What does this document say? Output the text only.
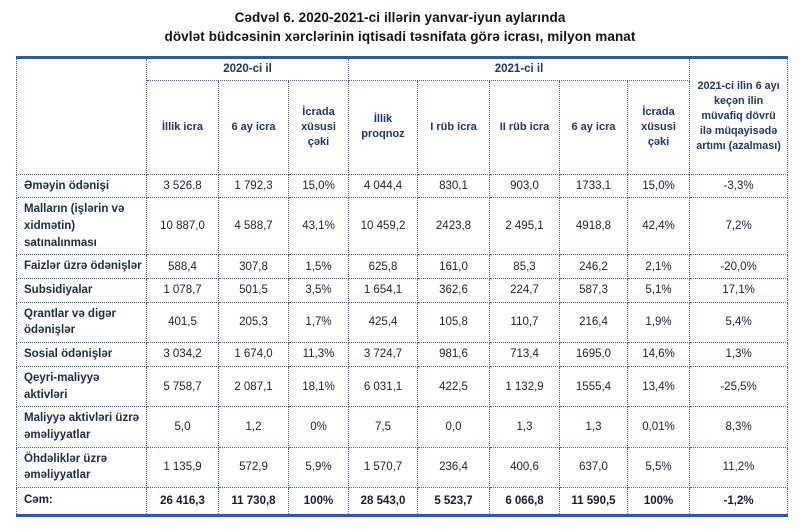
Cədvəl 6. 2020-2021-ci illərin yanvar-iyun aylarında
dövlət büdcəsinin xərclərinin iqtisadi təsnifata görə icrası, milyon manat
	2020-ci il			2021-ci il					2021-ci ilin 6 ayı keçən ilin müvafiq dövrü ilə müqayisədə artımı (azalması)
	İllik icra	6 ay icra	İcrada xüsusi çəki	İllik proqnoz	I rüb icra	II rüb icra	6 ay icra	İcrada xüsusi çəki	
Əməyin ödənişi	3 526,8	1 792,3	15,0%	4 044,4	830,1	903,0	1733,1	15,0%	-3,3%
Malların (işlərin və xidmətin) satınalınması	10 887,0	4 588,7	43,1%	10 459,2	2423,8	2 495,1	4918,8	42,4%	7,2%
Faizlər üzrə ödənişlər	588,4	307,8	1,5%	625,8	161,0	85,3	246,2	2,1%	-20,0%
Subsidiyalar	1 078,7	501,5	3,5%	1 654,1	362,6	224,7	587,3	5,1%	17,1%
Qrantlar və digər ödənişlər	401,5	205,3	1,7%	425,4	105,8	110,7	216,4	1,9%	5,4%
Sosial ödənişlər	3 034,2	1 674,0	11,3%	3 724,7	981,6	713,4	1695,0	14,6%	1,3%
Qeyri-maliyyə aktivləri	5 758,7	2 087,1	18,1%	6 031,1	422,5	1 132,9	1555,4	13,4%	-25,5%
Maliyyə aktivləri üzrə əməliyyatlar	5,0	1,2	0%	7,5	0,0	1,3	1,3	0,01%	8,3%
Öhdəliklər üzrə əməliyyatlar	1 135,9	572,9	5,9%	1 570,7	236,4	400,6	637,0	5,5%	11,2%
Cəm:	26 416,3	11 730,8	100%	28 543,0	5 523,7	6 066,8	11 590,5	100%	-1,2%
